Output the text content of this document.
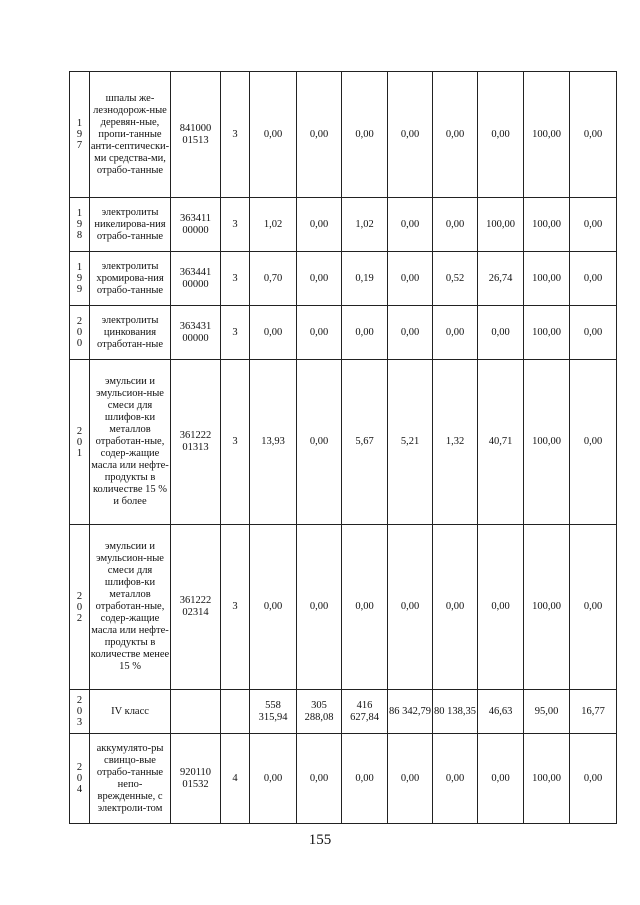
197	шпалы же-лезнодорож-ные деревян-ные, пропи-танные анти-септически-ми средства-ми, отрабо-танные	841000 01513	3	0,00	0,00	0,00	0,00	0,00	0,00	100,00	0,00

198	электролиты никелирова-ния отрабо-танные	363411 00000	3	1,02	0,00	1,02	0,00	0,00	100,00	100,00	0,00

199	электролиты хромирова-ния отрабо-танные	363441 00000	3	0,70	0,00	0,19	0,00	0,52	26,74	100,00	0,00

200	электролиты цинкования отработан-ные	363431 00000	3	0,00	0,00	0,00	0,00	0,00	0,00	100,00	0,00

201	эмульсии и эмульсион-ные смеси для шлифов-ки металлов отработан-ные, содер-жащие масла или нефте-продукты в количестве 15 % и более	361222 01313	3	13,93	0,00	5,67	5,21	1,32	40,71	100,00	0,00

202	эмульсии и эмульсион-ные смеси для шлифов-ки металлов отработан-ные, содер-жащие масла или нефте-продукты в количестве менее 15 %	361222 02314	3	0,00	0,00	0,00	0,00	0,00	0,00	100,00	0,00

203	IV класс			558 315,94	305 288,08	416 627,84	86 342,79	80 138,35	46,63	95,00	16,77

204	аккумулято-ры свинцо-вые отрабо-танные непо-врежденные, с электроли-том	920110 01532	4	0,00	0,00	0,00	0,00	0,00	0,00	100,00	0,00
155
